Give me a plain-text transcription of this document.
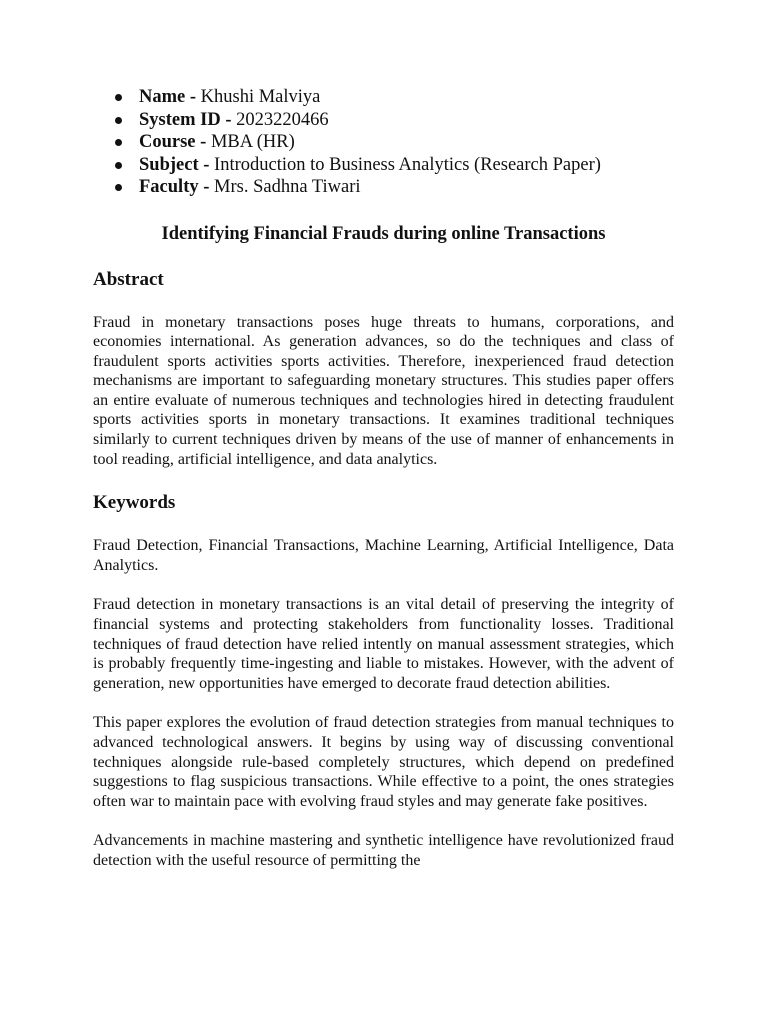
Name - Khushi Malviya
System ID - 2023220466
Course - MBA (HR)
Subject - Introduction to Business Analytics (Research Paper)
Faculty - Mrs. Sadhna Tiwari
Identifying Financial Frauds during online Transactions
Abstract

Fraud in monetary transactions poses huge threats to humans, corporations, and economies international. As generation advances, so do the techniques and class of fraudulent sports activities sports activities. Therefore, inexperienced fraud detection mechanisms are important to safeguarding monetary structures. This studies paper offers an entire evaluate of numerous techniques and technologies hired in detecting fraudulent sports activities sports in monetary transactions. It examines traditional techniques similarly to current techniques driven by means of the use of manner of enhancements in tool reading, artificial intelligence, and data analytics.

Keywords

Fraud Detection, Financial Transactions, Machine Learning, Artificial Intelligence, Data Analytics.

Fraud detection in monetary transactions is an vital detail of preserving the integrity of financial systems and protecting stakeholders from functionality losses. Traditional techniques of fraud detection have relied intently on manual assessment strategies, which is probably frequently time-ingesting and liable to mistakes. However, with the advent of generation, new opportunities have emerged to decorate fraud detection abilities.

This paper explores the evolution of fraud detection strategies from manual techniques to advanced technological answers. It begins by using way of discussing conventional techniques alongside rule-based completely structures, which depend on predefined suggestions to flag suspicious transactions. While effective to a point, the ones strategies often war to maintain pace with evolving fraud styles and may generate fake positives.

Advancements in machine mastering and synthetic intelligence have revolutionized fraud detection with the useful resource of permitting the
